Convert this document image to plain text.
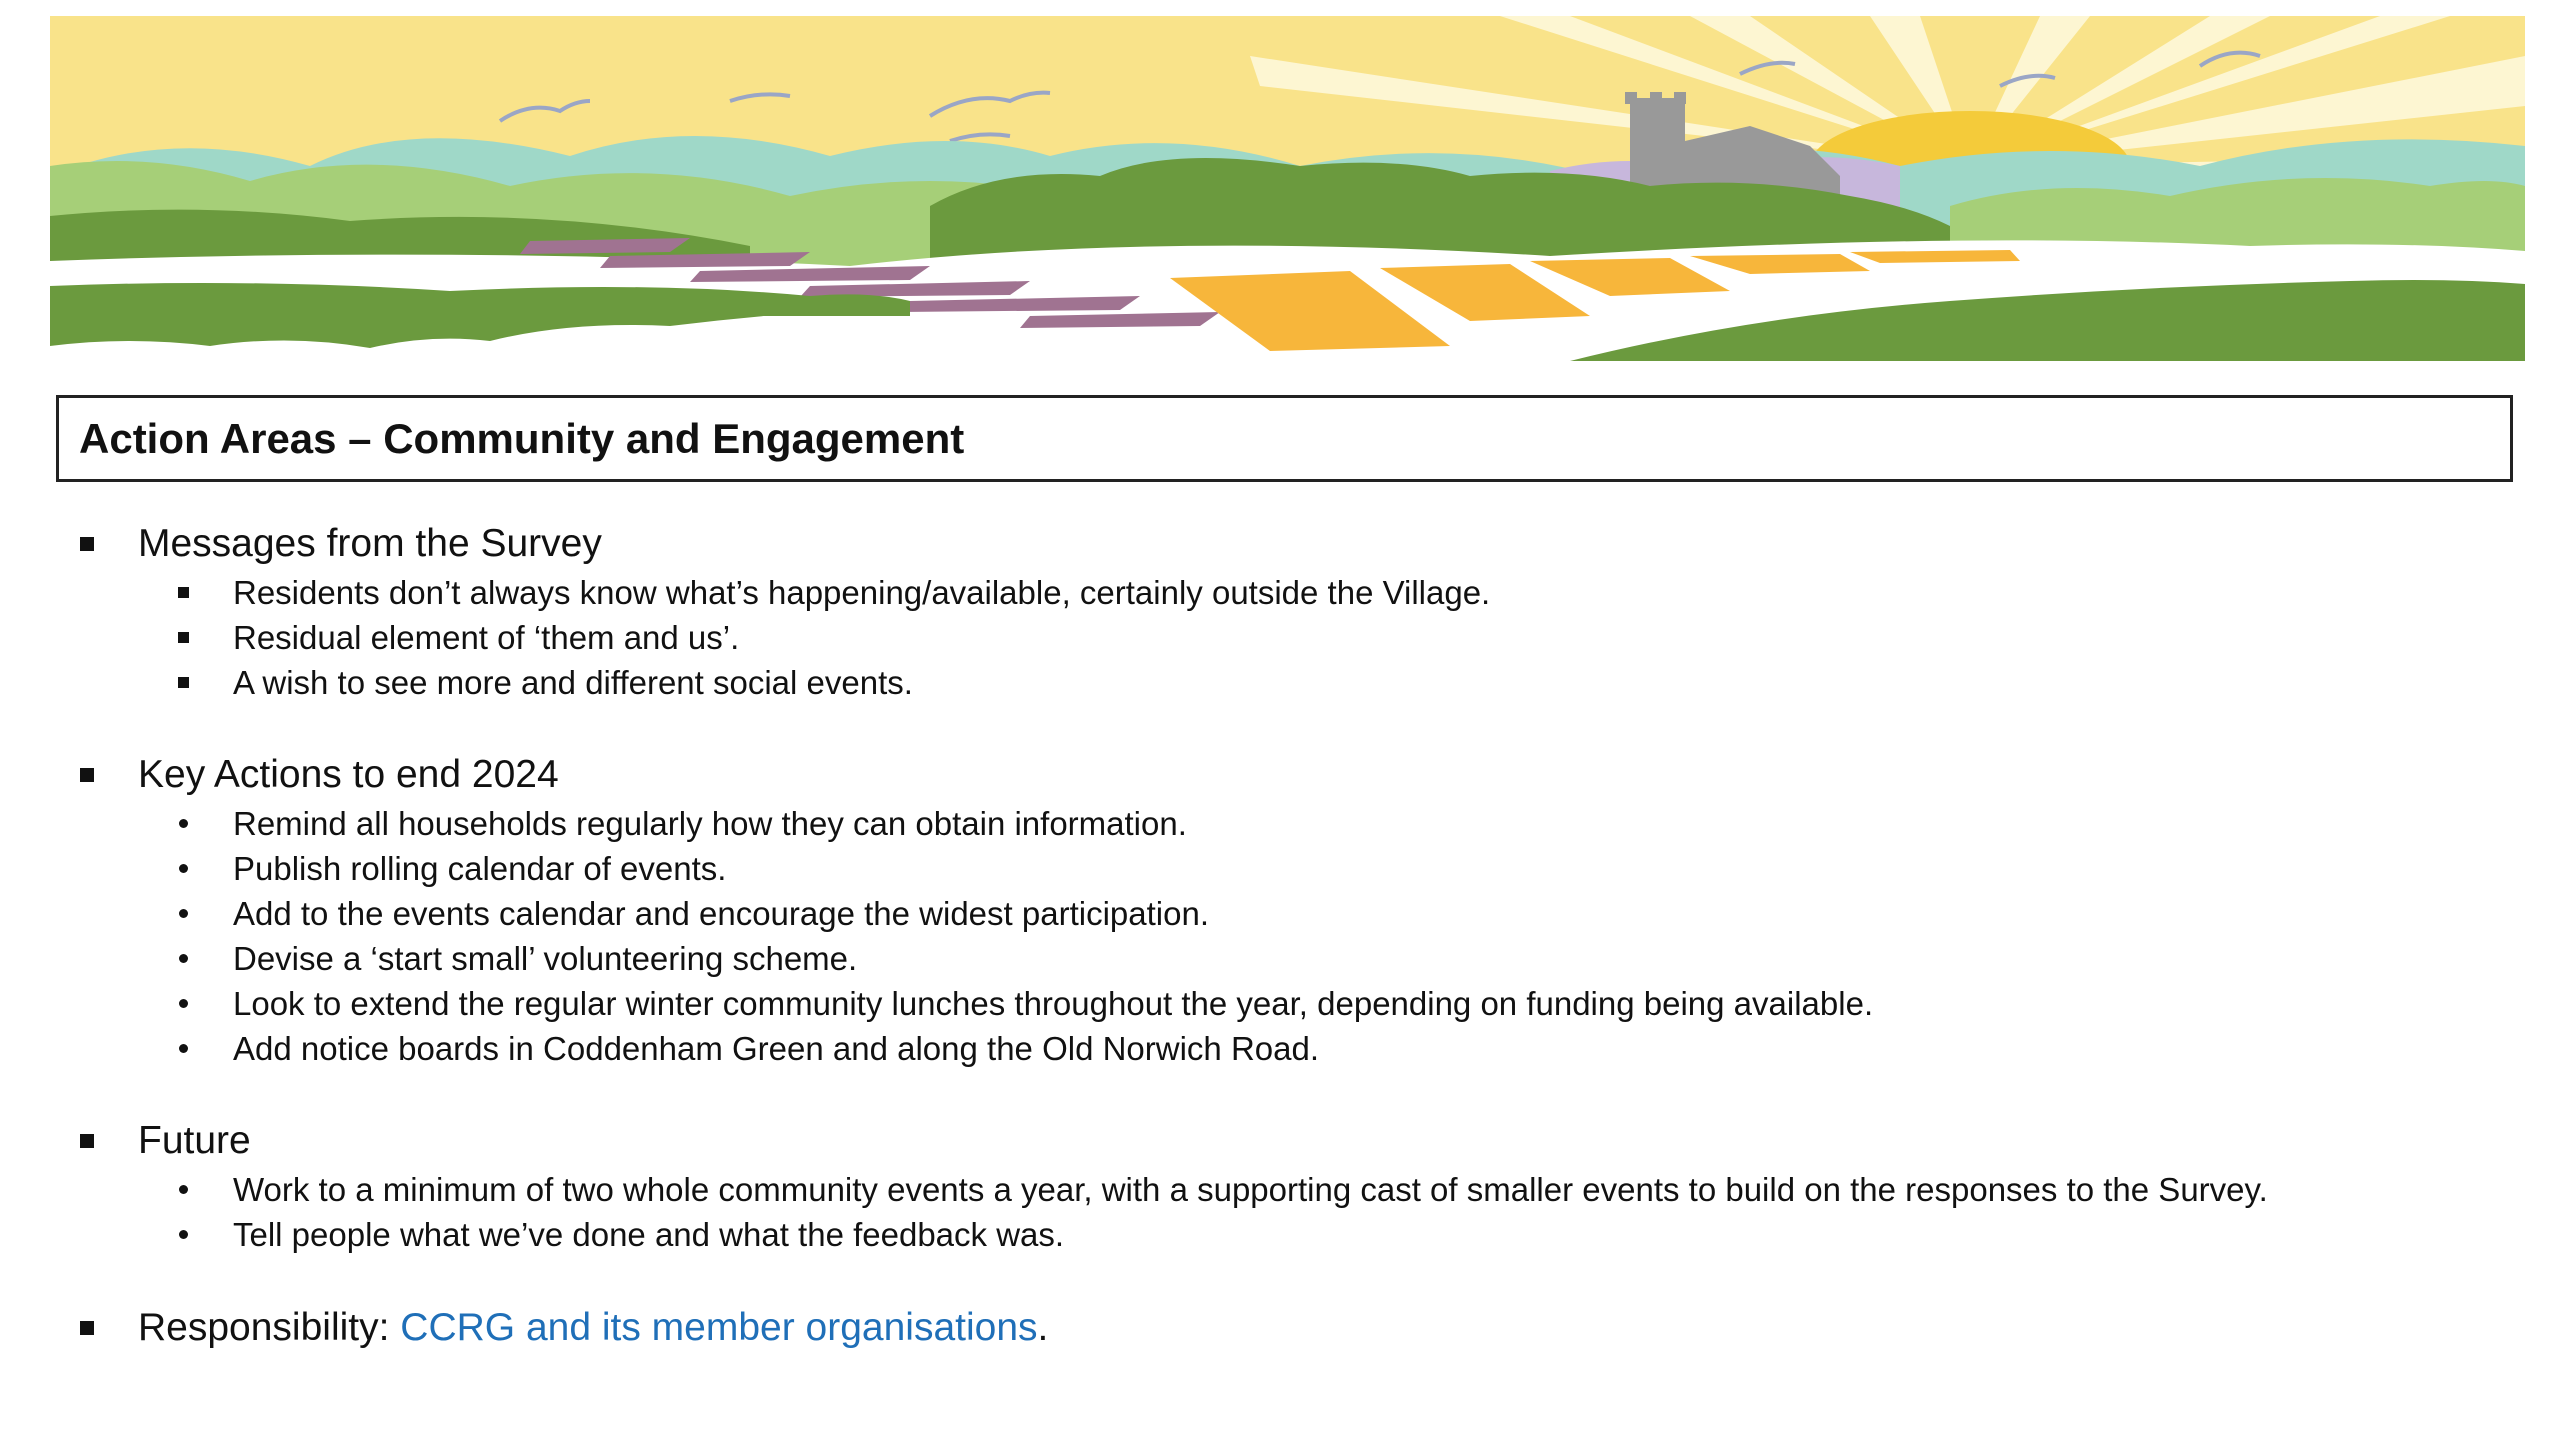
Action Areas – Community and Engagement
Messages from the Survey
Residents don’t always know what’s happening/available, certainly outside the Village.
Residual element of ‘them and us’.
A wish to see more and different social events.
Key Actions to end 2024
Remind all households regularly how they can obtain information.
Publish rolling calendar of events.
Add to the events calendar and encourage the widest participation.
Devise a ‘start small’ volunteering scheme.
Look to extend the regular winter community lunches throughout the year, depending on funding being available.
Add notice boards in Coddenham Green and along the Old Norwich Road.
Future
Work to a minimum of two whole community events a year, with a supporting cast of smaller events to build on the responses to the Survey.
Tell people what we’ve done and what the feedback was.
Responsibility: CCRG and its member organisations.
